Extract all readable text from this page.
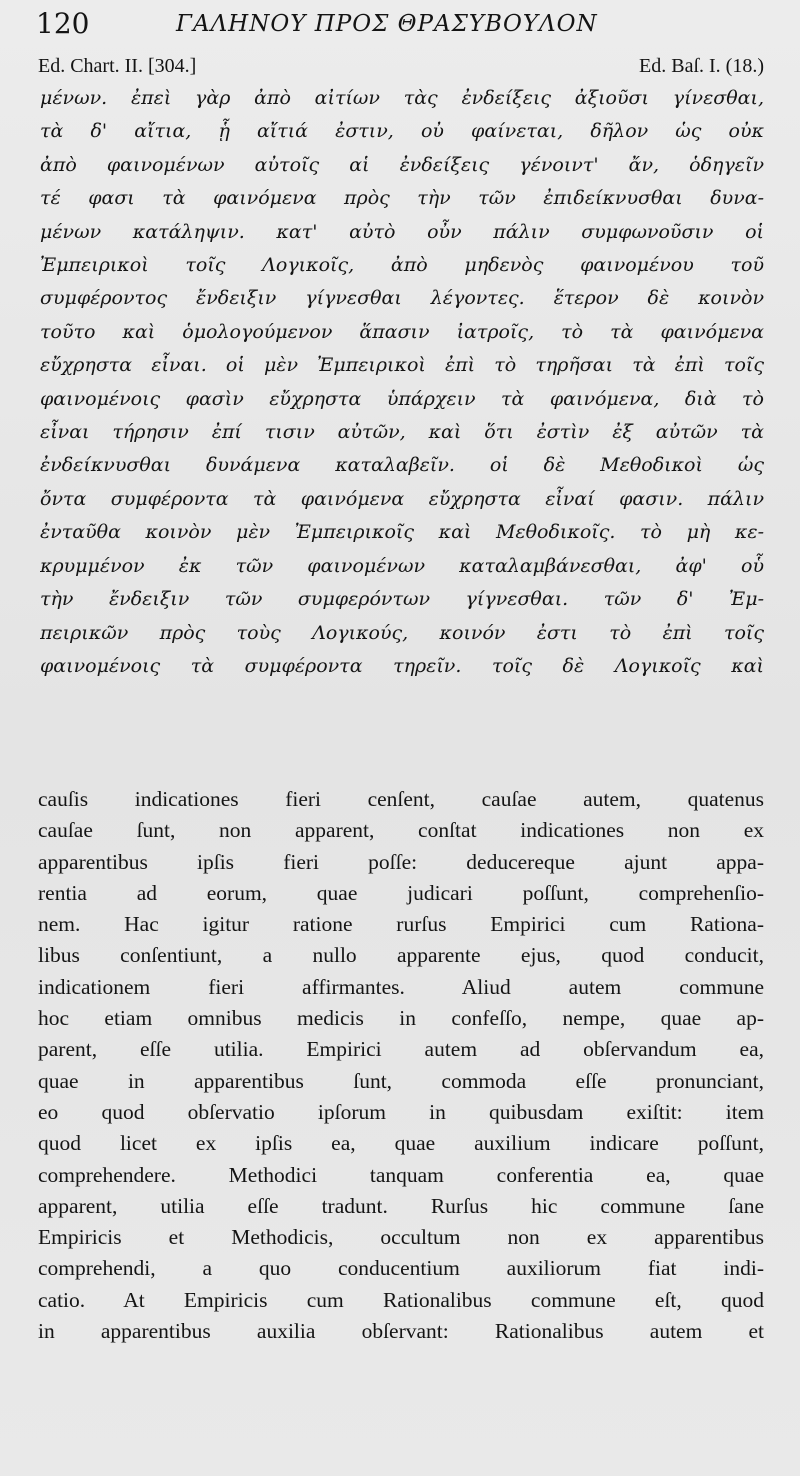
120	ΓΑΛΗΝΟΥ ΠΡΟΣ ΘΡΑΣΥΒΟΥΛΟΝ
Ed. Chart. II. [304.]	Ed. Baſ. I. (18.)
μένων. ἐπεὶ γὰρ ἀπὸ αἰτίων τὰς ἐνδείξεις ἀξιοῦσι γίνεσθαι,
τὰ δ' αἴτια, ᾗ αἴτιά ἐστιν, οὐ φαίνεται, δῆλον ὡς οὐκ
ἀπὸ φαινομένων αὐτοῖς αἱ ἐνδείξεις γένοιντ' ἄν, ὁδηγεῖν
τέ φασι τὰ φαινόμενα πρὸς τὴν τῶν ἐπιδείκνυσθαι δυνα-
μένων κατάληψιν. κατ' αὐτὸ οὖν πάλιν συμφωνοῦσιν οἱ
Ἐμπειρικοὶ τοῖς Λογικοῖς, ἀπὸ μηδενὸς φαινομένου τοῦ
συμφέροντος ἔνδειξιν γίγνεσθαι λέγοντες. ἕτερον δὲ κοινὸν
τοῦτο καὶ ὁμολογούμενον ἅπασιν ἰατροῖς, τὸ τὰ φαινόμενα
εὔχρηστα εἶναι. οἱ μὲν Ἐμπειρικοὶ ἐπὶ τὸ τηρῆσαι τὰ ἐπὶ τοῖς
φαινομένοις φασὶν εὔχρηστα ὑπάρχειν τὰ φαινόμενα, διὰ τὸ
εἶναι τήρησιν ἐπί τισιν αὐτῶν, καὶ ὅτι ἐστὶν ἐξ αὐτῶν τὰ
ἐνδείκνυσθαι δυνάμενα καταλαβεῖν. οἱ δὲ Μεθοδικοὶ ὡς
ὄντα συμφέροντα τὰ φαινόμενα εὔχρηστα εἶναί φασιν. πάλιν
ἐνταῦθα κοινὸν μὲν Ἐμπειρικοῖς καὶ Μεθοδικοῖς. τὸ μὴ κε-
κρυμμένον ἐκ τῶν φαινομένων καταλαμβάνεσθαι, ἀφ' οὗ
τὴν ἔνδειξιν τῶν συμφερόντων γίγνεσθαι. τῶν δ' Ἐμ-
πειρικῶν πρὸς τοὺς Λογικούς, κοινόν ἐστι τὸ ἐπὶ τοῖς
φαινομένοις τὰ συμφέροντα τηρεῖν. τοῖς δὲ Λογικοῖς καὶ
cauſis indicationes fieri cenſent, cauſae autem, quatenus
cauſae ſunt, non apparent, conſtat indicationes non ex
apparentibus ipſis fieri poſſe: deducereque ajunt appa-
rentia ad eorum, quae judicari poſſunt, comprehenſio-
nem. Hac igitur ratione rurſus Empirici cum Rationa-
libus conſentiunt, a nullo apparente ejus, quod conducit,
indicationem fieri affirmantes. Aliud autem commune
hoc etiam omnibus medicis in confeſſo, nempe, quae ap-
parent, eſſe utilia. Empirici autem ad obſervandum ea,
quae in apparentibus ſunt, commoda eſſe pronunciant,
eo quod obſervatio ipſorum in quibusdam exiſtit: item
quod licet ex ipſis ea, quae auxilium indicare poſſunt,
comprehendere. Methodici tanquam conferentia ea, quae
apparent, utilia eſſe tradunt. Rurſus hic commune ſane
Empiricis et Methodicis, occultum non ex apparentibus
comprehendi, a quo conducentium auxiliorum fiat indi-
catio. At Empiricis cum Rationalibus commune eſt, quod
in apparentibus auxilia obſervant: Rationalibus autem et
